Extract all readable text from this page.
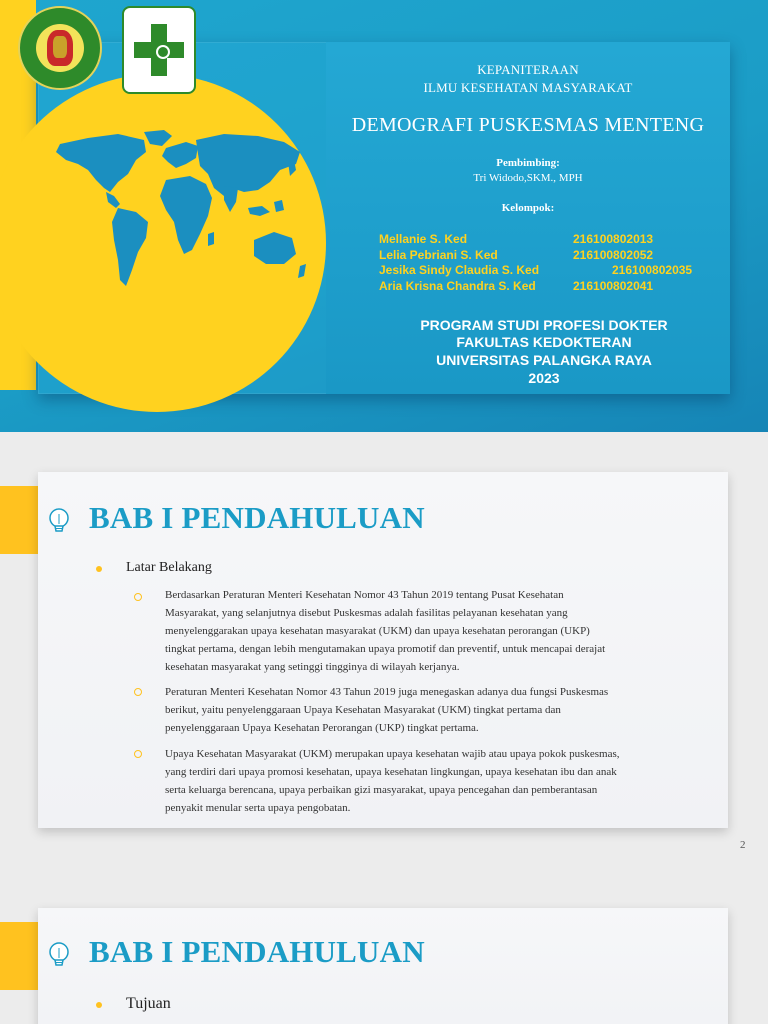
KEPANITERAAN
ILMU KESEHATAN MASYARAKAT
DEMOGRAFI PUSKESMAS MENTENG
Pembimbing:
Tri Widodo,SKM., MPH
Kelompok:
Mellanie S. Ked	216100802013
Lelia Pebriani S. Ked	216100802052
Jesika Sindy Claudia S. Ked	216100802035
Aria Krisna Chandra S. Ked	216100802041
PROGRAM STUDI PROFESI DOKTER
FAKULTAS KEDOKTERAN
UNIVERSITAS PALANGKA RAYA
2023
BAB I PENDAHULUAN
Latar Belakang
Berdasarkan Peraturan Menteri Kesehatan Nomor 43 Tahun 2019 tentang Pusat Kesehatan
Masyarakat, yang selanjutnya disebut Puskesmas adalah fasilitas pelayanan kesehatan yang
menyelenggarakan upaya kesehatan masyarakat (UKM) dan upaya kesehatan perorangan (UKP)
tingkat pertama, dengan lebih mengutamakan upaya promotif dan preventif, untuk mencapai derajat
kesehatan masyarakat yang setinggi tingginya di wilayah kerjanya.
Peraturan Menteri Kesehatan Nomor 43 Tahun 2019 juga menegaskan adanya dua fungsi Puskesmas
berikut, yaitu penyelenggaraan Upaya Kesehatan Masyarakat (UKM) tingkat pertama dan
penyelenggaraan Upaya Kesehatan Perorangan (UKP) tingkat pertama.
Upaya Kesehatan Masyarakat (UKM) merupakan upaya kesehatan wajib atau upaya pokok puskesmas,
yang terdiri dari upaya promosi kesehatan, upaya kesehatan lingkungan, upaya kesehatan ibu dan anak
serta keluarga berencana, upaya perbaikan gizi masyarakat, upaya pencegahan dan pemberantasan
penyakit menular serta upaya pengobatan.
2
BAB I PENDAHULUAN
Tujuan
